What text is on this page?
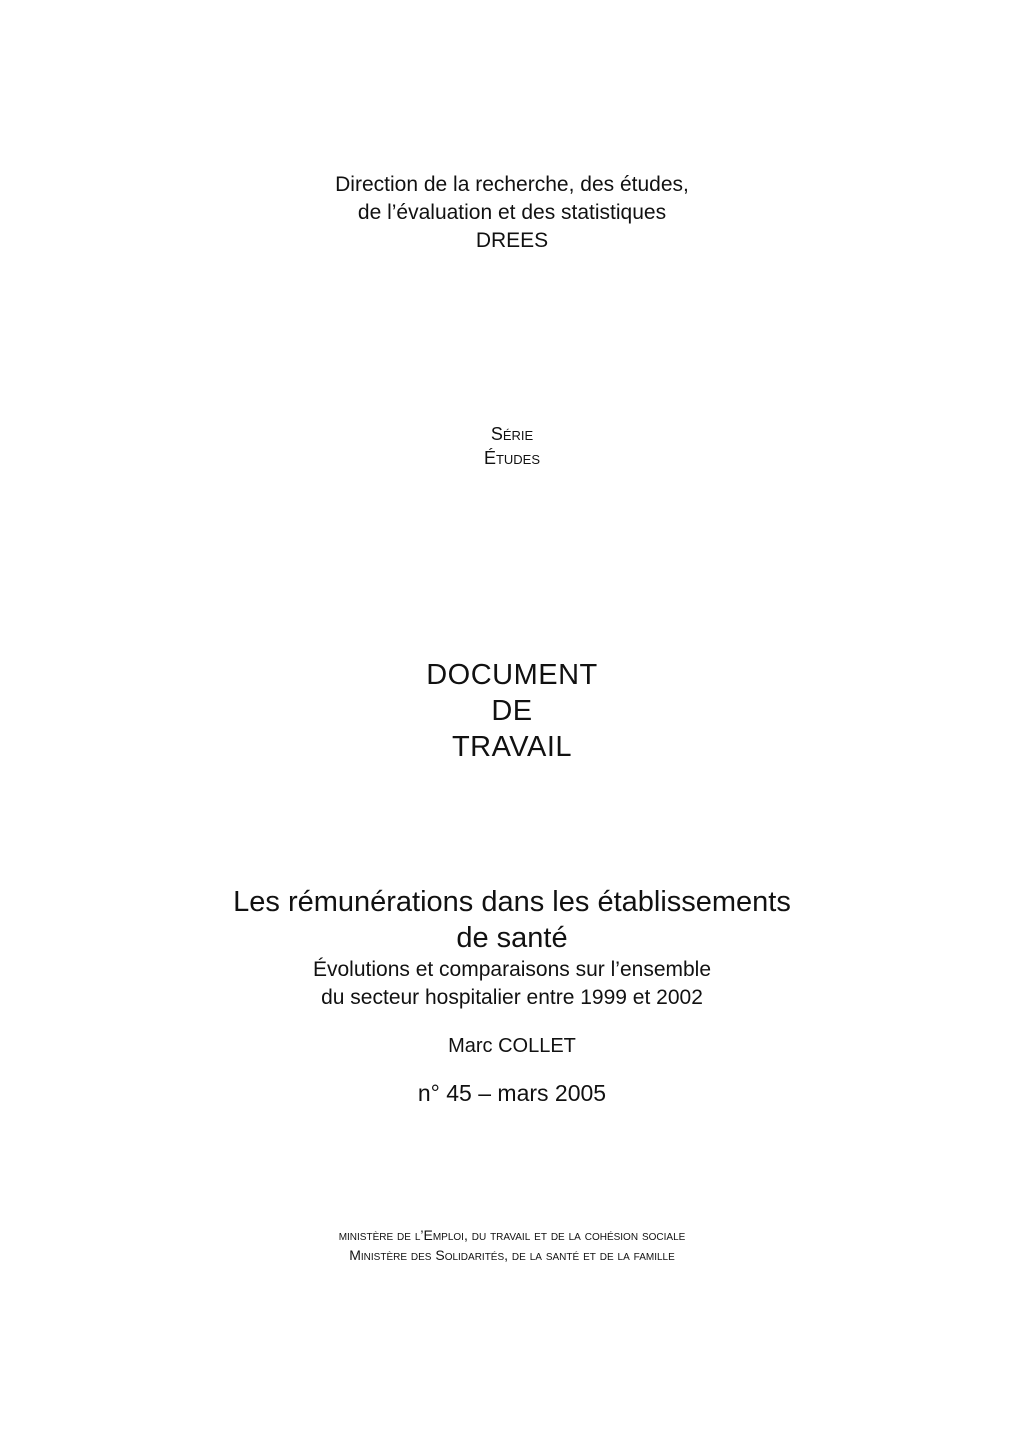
Direction de la recherche, des études,
de l’évaluation et des statistiques
DREES
Série
Études
DOCUMENT
DE
TRAVAIL
Les rémunérations dans les établissements
de santé
Évolutions et comparaisons sur l’ensemble
du secteur hospitalier entre 1999 et 2002
Marc COLLET
n° 45 – mars 2005
ministère de l’Emploi, du travail et de la cohésion sociale
Ministère des Solidarités, de la santé et de la famille
